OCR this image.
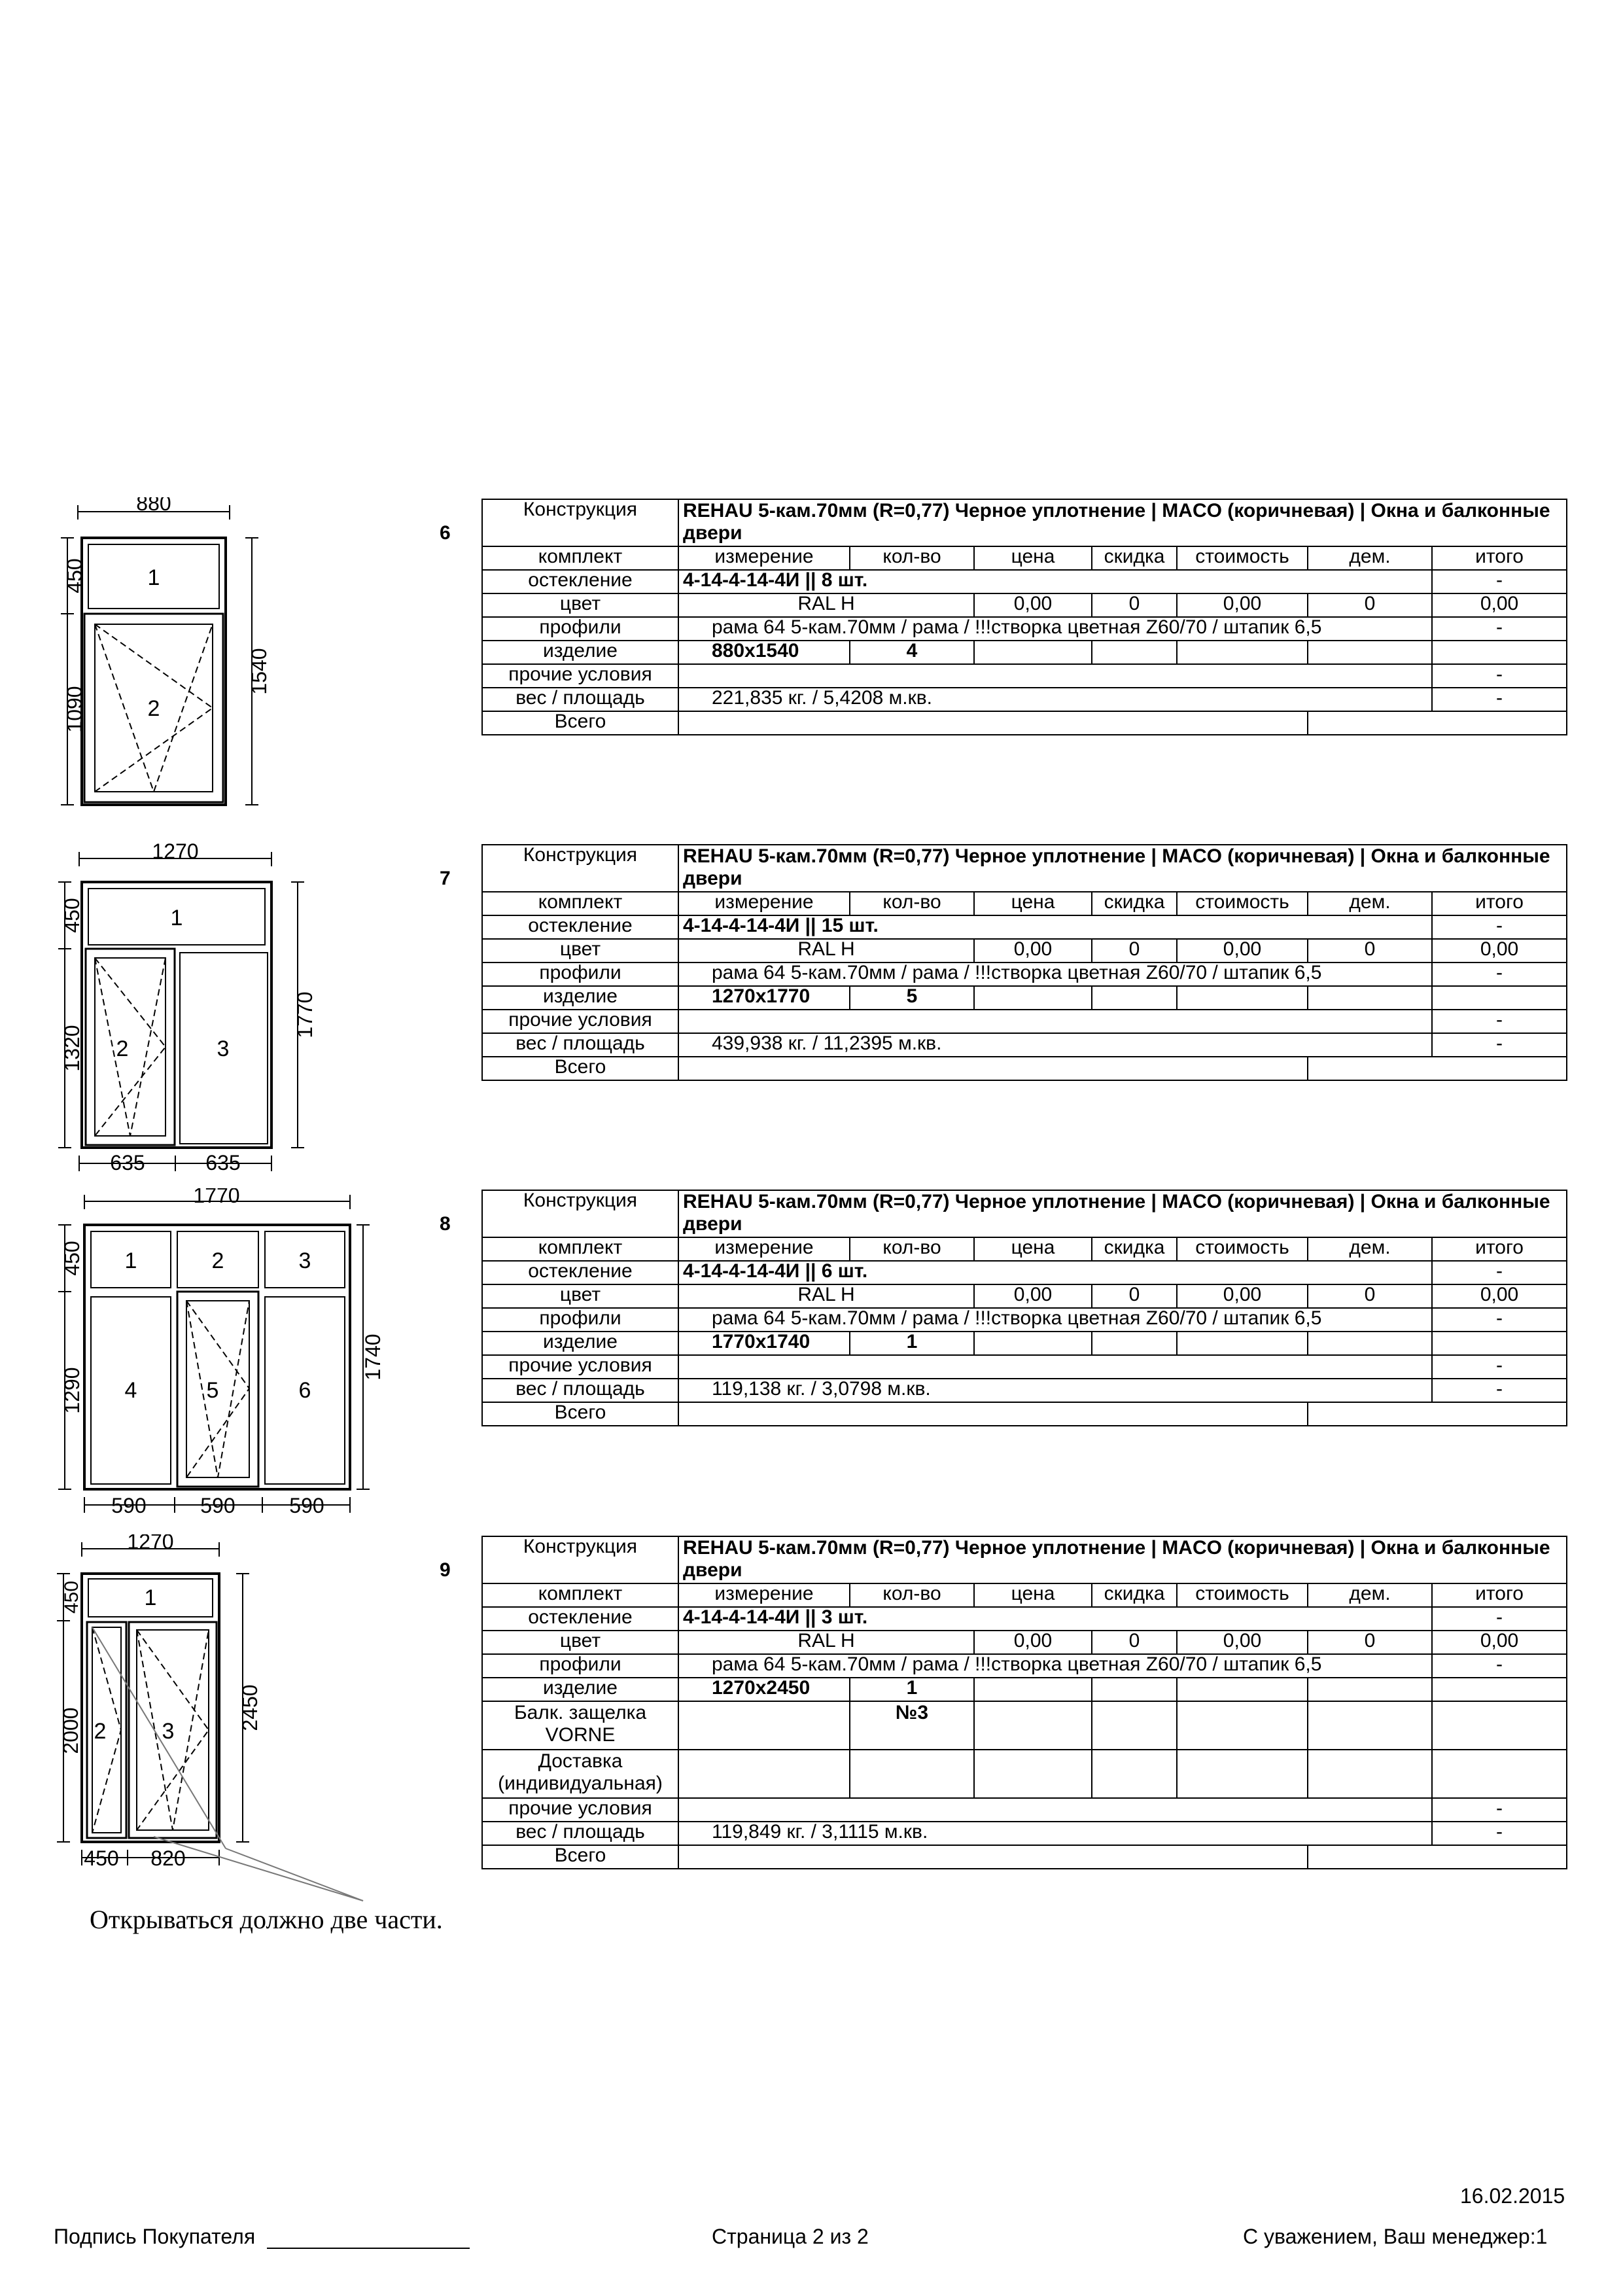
880
1540
450
1090
1
2
6
Конструкция	REHAU 5-кам.70мм (R=0,77) Черное уплотнение | MACO (коричневая) | Окна и балконные двери						
комплект	измерение	кол-во	цена	скидка	стоимость	дем.	итого
остекление	4-14-4-14-4И || 8 шт.						-
цвет	RAL H		0,00	0	0,00	0	0,00
профили	рама 64 5-кам.70мм / рама / !!!створка цветная Z60/70 / штапик 6,5						-
изделие	880x1540	4					
прочие условия							-
вес / площадь	221,835 кг. / 5,4208 м.кв.						-
Всего							
1270
1770
450
1320
635	635
1
2	3
7
Конструкция	REHAU 5-кам.70мм (R=0,77) Черное уплотнение | MACO (коричневая) | Окна и балконные двери						
комплект	измерение	кол-во	цена	скидка	стоимость	дем.	итого
остекление	4-14-4-14-4И || 15 шт.						-
цвет	RAL H		0,00	0	0,00	0	0,00
профили	рама 64 5-кам.70мм / рама / !!!створка цветная Z60/70 / штапик 6,5						-
изделие	1270x1770	5					
прочие условия							-
вес / площадь	439,938 кг. / 11,2395 м.кв.						-
Всего							
1770
1740
450
1290
590	590	590
1	2	3
4	5	6
8
Конструкция	REHAU 5-кам.70мм (R=0,77) Черное уплотнение | MACO (коричневая) | Окна и балконные двери						
комплект	измерение	кол-во	цена	скидка	стоимость	дем.	итого
остекление	4-14-4-14-4И || 6 шт.						-
цвет	RAL H		0,00	0	0,00	0	0,00
профили	рама 64 5-кам.70мм / рама / !!!створка цветная Z60/70 / штапик 6,5						-
изделие	1770x1740	1					
прочие условия							-
вес / площадь	119,138 кг. / 3,0798 м.кв.						-
Всего							
1270
2450
450
2000
450 820
1
2	3
9
Конструкция	REHAU 5-кам.70мм (R=0,77) Черное уплотнение | MACO (коричневая) | Окна и балконные двери						
комплект	измерение	кол-во	цена	скидка	стоимость	дем.	итого
остекление	4-14-4-14-4И || 3 шт.						-
цвет	RAL H		0,00	0	0,00	0	0,00
профили	рама 64 5-кам.70мм / рама / !!!створка цветная Z60/70 / штапик 6,5						-
изделие	1270x2450	1					
Балк. защелка VORNE		№3					
Доставка (индивидуальная)							
прочие условия							-
вес / площадь	119,849 кг. / 3,1115 м.кв.						-
Всего							
Открываться должно две части.
16.02.2015
Подпись Покупателя	Страница 2 из 2	С уважением, Ваш менеджер:1
